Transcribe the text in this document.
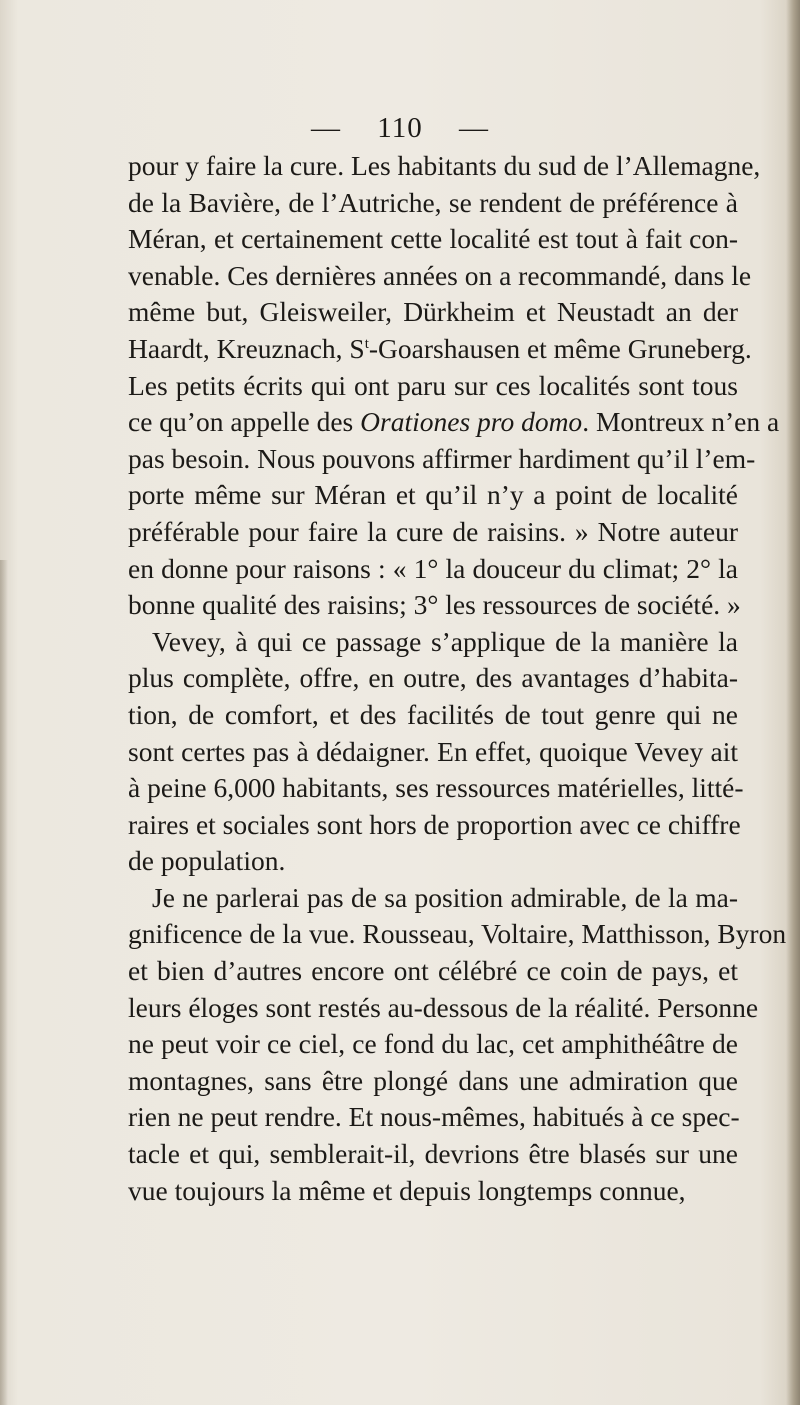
— 110 —
pour y faire la cure. Les habitants du sud de l’Allemagne,
de la Bavière, de l’Autriche, se rendent de préférence à
Méran, et certainement cette localité est tout à fait con-
venable. Ces dernières années on a recommandé, dans le
même but, Gleisweiler, Dürkheim et Neustadt an der
Haardt, Kreuznach, $S^t$-Goarshausen et même Gruneberg.
Les petits écrits qui ont paru sur ces localités sont tous
ce qu’on appelle des Orationes pro domo. Montreux n’en a
pas besoin. Nous pouvons affirmer hardiment qu’il l’em-
porte même sur Méran et qu’il n’y a point de localité
préférable pour faire la cure de raisins. » Notre auteur
en donne pour raisons : « 1° la douceur du climat; 2° la
bonne qualité des raisins; 3° les ressources de société. »
Vevey, à qui ce passage s’applique de la manière la
plus complète, offre, en outre, des avantages d’habita-
tion, de comfort, et des facilités de tout genre qui ne
sont certes pas à dédaigner. En effet, quoique Vevey ait
à peine 6,000 habitants, ses ressources matérielles, litté-
raires et sociales sont hors de proportion avec ce chiffre
de population.
Je ne parlerai pas de sa position admirable, de la ma-
gnificence de la vue. Rousseau, Voltaire, Matthisson, Byron
et bien d’autres encore ont célébré ce coin de pays, et
leurs éloges sont restés au-dessous de la réalité. Personne
ne peut voir ce ciel, ce fond du lac, cet amphithéâtre de
montagnes, sans être plongé dans une admiration que
rien ne peut rendre. Et nous-mêmes, habitués à ce spec-
tacle et qui, semblerait-il, devrions être blasés sur une
vue toujours la même et depuis longtemps connue,
